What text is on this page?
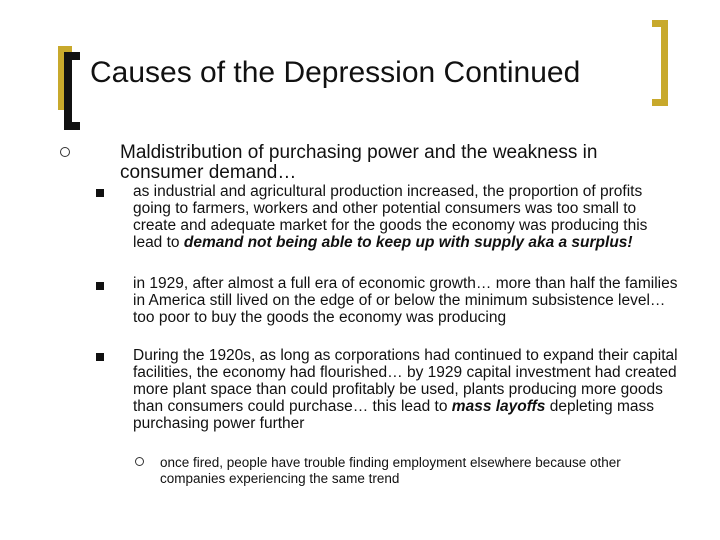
Causes of the Depression Continued

Maldistribution of purchasing power and the weakness in consumer demand…

as industrial and agricultural production increased, the proportion of profits going to farmers, workers and other potential consumers was too small to create and adequate market for the goods the economy was producing this lead to demand not being able to keep up with supply aka a surplus!

in 1929, after almost a full era of economic growth… more than half the families in America still lived on the edge of or below the minimum subsistence level… too poor to buy the goods the economy was producing

During the 1920s, as long as corporations had continued to expand their capital facilities, the economy had flourished… by 1929 capital investment had created more plant space than could profitably be used, plants producing more goods than consumers could purchase… this lead to mass layoffs depleting mass purchasing power further

once fired, people have trouble finding employment elsewhere because other companies experiencing the same trend
